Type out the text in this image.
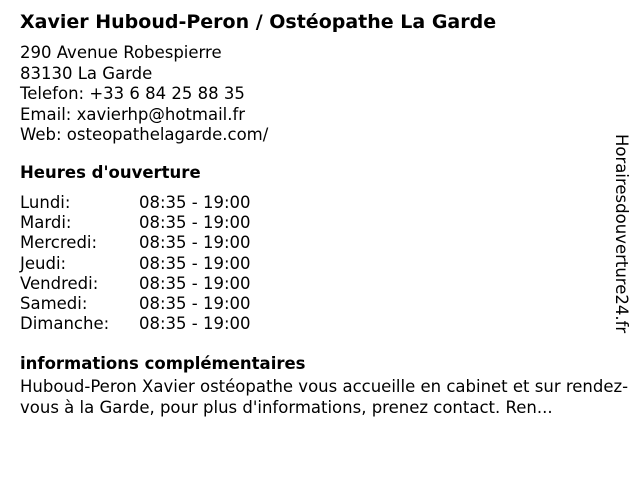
Xavier Huboud-Peron / Ostéopathe La Garde
290 Avenue Robespierre
83130 La Garde
Telefon: +33 6 84 25 88 35
Email: xavierhp@hotmail.fr
Web: osteopathelagarde.com/
Heures d'ouverture
Lundi:	08:35 - 19:00
Mardi:	08:35 - 19:00
Mercredi:	08:35 - 19:00
Jeudi:	08:35 - 19:00
Vendredi:	08:35 - 19:00
Samedi:	08:35 - 19:00
Dimanche:	08:35 - 19:00
informations complémentaires
Huboud-Peron Xavier ostéopathe vous accueille en cabinet et sur rendez-vous à la Garde, pour plus d'informations, prenez contact. Ren...
Horairesdouverture24.fr
